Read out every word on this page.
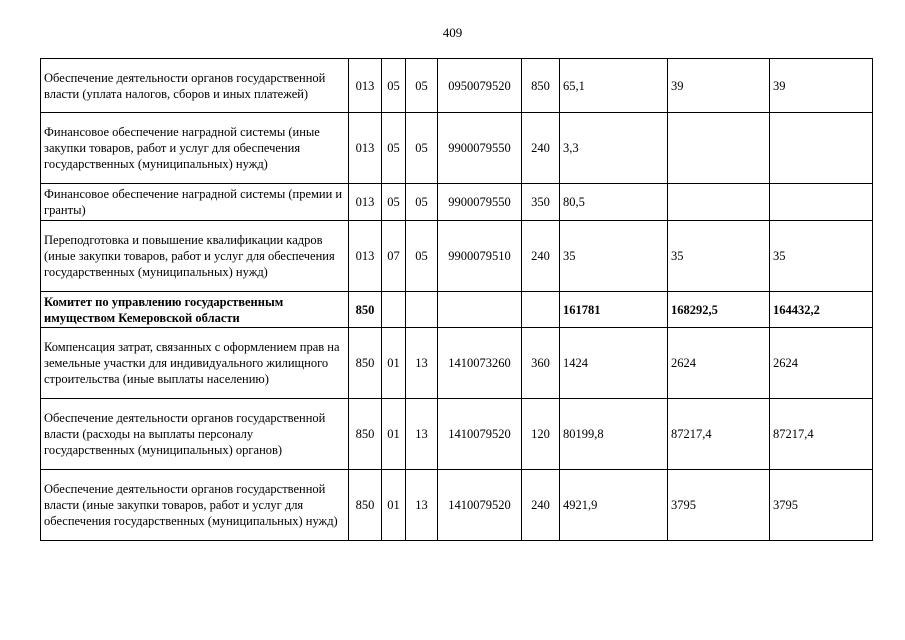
409
Обеспечение деятельности органов государственной власти (уплата налогов, сборов и иных платежей)	013	05	05	0950079520	850	65,1	39	39
Финансовое обеспечение наградной системы (иные закупки товаров, работ и услуг для обеспечения государственных (муниципальных) нужд)	013	05	05	9900079550	240	3,3		
Финансовое обеспечение наградной системы (премии и гранты)	013	05	05	9900079550	350	80,5		
Переподготовка и повышение квалификации кадров (иные закупки товаров, работ и услуг для обеспечения государственных (муниципальных) нужд)	013	07	05	9900079510	240	35	35	35
Комитет по управлению государственным имуществом Кемеровской области	850					161781	168292,5	164432,2
Компенсация затрат, связанных с оформлением прав на земельные участки для индивидуального жилищного строительства (иные выплаты населению)	850	01	13	1410073260	360	1424	2624	2624
Обеспечение деятельности органов государственной власти (расходы на выплаты персоналу государственных (муниципальных) органов)	850	01	13	1410079520	120	80199,8	87217,4	87217,4
Обеспечение деятельности органов государственной власти (иные закупки товаров, работ и услуг для обеспечения государственных (муниципальных) нужд)	850	01	13	1410079520	240	4921,9	3795	3795
